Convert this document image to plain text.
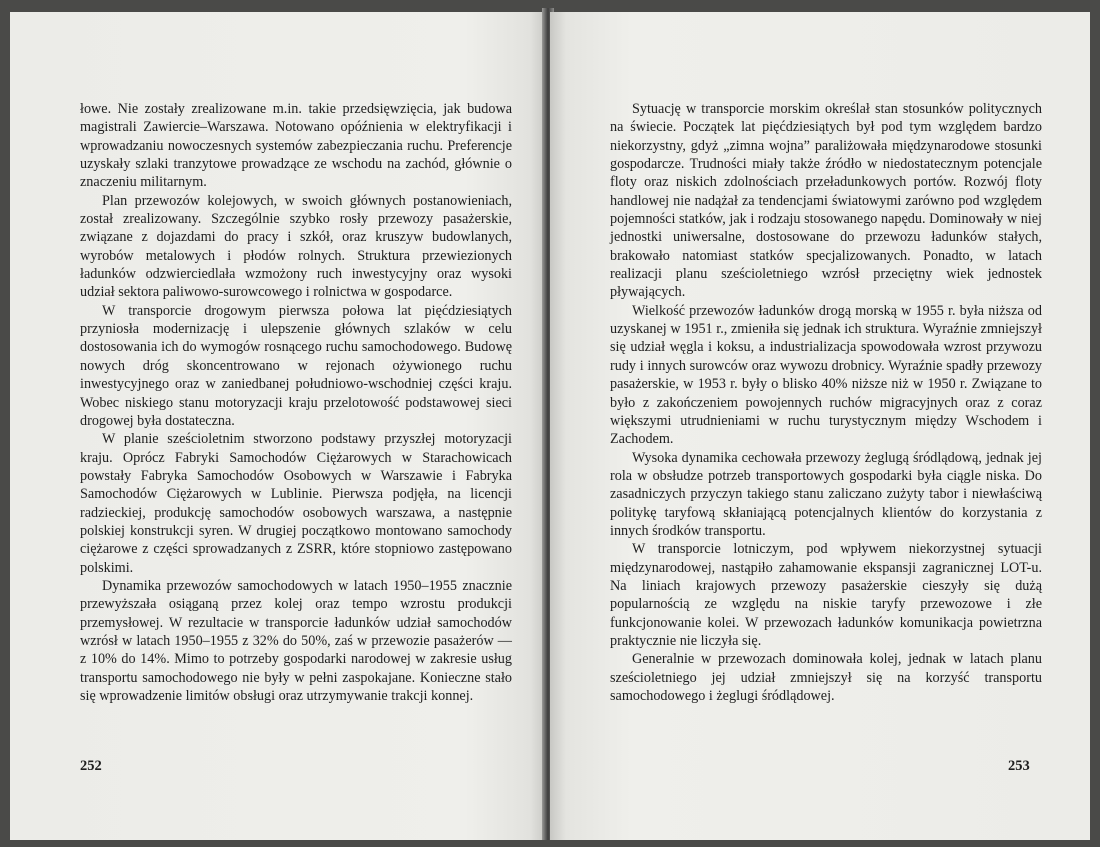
łowe. Nie zostały zrealizowane m.in. takie przedsięwzięcia, jak budowa magistrali Zawiercie–Warszawa. Notowano opóźnienia w elektryfikacji i wprowadzaniu nowoczesnych systemów zabezpieczania ruchu. Preferencje uzyskały szlaki tranzytowe prowadzące ze wschodu na zachód, głównie o znaczeniu militarnym.

Plan przewozów kolejowych, w swoich głównych postanowieniach, został zrealizowany. Szczególnie szybko rosły przewozy pasażerskie, związane z dojazdami do pracy i szkół, oraz kruszyw budowlanych, wyrobów metalowych i płodów rolnych. Struktura przewiezionych ładunków odzwierciedlała wzmożony ruch inwestycyjny oraz wysoki udział sektora paliwowo-surowcowego i rolnictwa w gospodarce.

W transporcie drogowym pierwsza połowa lat pięćdziesiątych przyniosła modernizację i ulepszenie głównych szlaków w celu dostosowania ich do wymogów rosnącego ruchu samochodowego. Budowę nowych dróg skoncentrowano w rejonach ożywionego ruchu inwestycyjnego oraz w zaniedbanej południowo-wschodniej części kraju. Wobec niskiego stanu motoryzacji kraju przelotowość podstawowej sieci drogowej była dostateczna.

W planie sześcioletnim stworzono podstawy przyszłej motoryzacji kraju. Oprócz Fabryki Samochodów Ciężarowych w Starachowicach powstały Fabryka Samochodów Osobowych w Warszawie i Fabryka Samochodów Ciężarowych w Lublinie. Pierwsza podjęła, na licencji radzieckiej, produkcję samochodów osobowych warszawa, a następnie polskiej konstrukcji syren. W drugiej początkowo montowano samochody ciężarowe z części sprowadzanych z ZSRR, które stopniowo zastępowano polskimi.

Dynamika przewozów samochodowych w latach 1950–1955 znacznie przewyższała osiąganą przez kolej oraz tempo wzrostu produkcji przemysłowej. W rezultacie w transporcie ładunków udział samochodów wzrósł w latach 1950–1955 z 32% do 50%, zaś w przewozie pasażerów — z 10% do 14%. Mimo to potrzeby gospodarki narodowej w zakresie usług transportu samochodowego nie były w pełni zaspokajane. Konieczne stało się wprowadzenie limitów obsługi oraz utrzymywanie trakcji konnej.

252

Sytuację w transporcie morskim określał stan stosunków politycznych na świecie. Początek lat pięćdziesiątych był pod tym względem bardzo niekorzystny, gdyż „zimna wojna” paraliżowała międzynarodowe stosunki gospodarcze. Trudności miały także źródło w niedostatecznym potencjale floty oraz niskich zdolnościach przeładunkowych portów. Rozwój floty handlowej nie nadążał za tendencjami światowymi zarówno pod względem pojemności statków, jak i rodzaju stosowanego napędu. Dominowały w niej jednostki uniwersalne, dostosowane do przewozu ładunków stałych, brakowało natomiast statków specjalizowanych. Ponadto, w latach realizacji planu sześcioletniego wzrósł przeciętny wiek jednostek pływających.

Wielkość przewozów ładunków drogą morską w 1955 r. była niższa od uzyskanej w 1951 r., zmieniła się jednak ich struktura. Wyraźnie zmniejszył się udział węgla i koksu, a industrializacja spowodowała wzrost przywozu rudy i innych surowców oraz wywozu drobnicy. Wyraźnie spadły przewozy pasażerskie, w 1953 r. były o blisko 40% niższe niż w 1950 r. Związane to było z zakończeniem powojennych ruchów migracyjnych oraz z coraz większymi utrudnieniami w ruchu turystycznym między Wschodem i Zachodem.

Wysoka dynamika cechowała przewozy żeglugą śródlądową, jednak jej rola w obsłudze potrzeb transportowych gospodarki była ciągle niska. Do zasadniczych przyczyn takiego stanu zaliczano zużyty tabor i niewłaściwą politykę taryfową skłaniającą potencjalnych klientów do korzystania z innych środków transportu.

W transporcie lotniczym, pod wpływem niekorzystnej sytuacji międzynarodowej, nastąpiło zahamowanie ekspansji zagranicznej LOT-u. Na liniach krajowych przewozy pasażerskie cieszyły się dużą popularnością ze względu na niskie taryfy przewozowe i złe funkcjonowanie kolei. W przewozach ładunków komunikacja powietrzna praktycznie nie liczyła się.

Generalnie w przewozach dominowała kolej, jednak w latach planu sześcioletniego jej udział zmniejszył się na korzyść transportu samochodowego i żeglugi śródlądowej.

253
